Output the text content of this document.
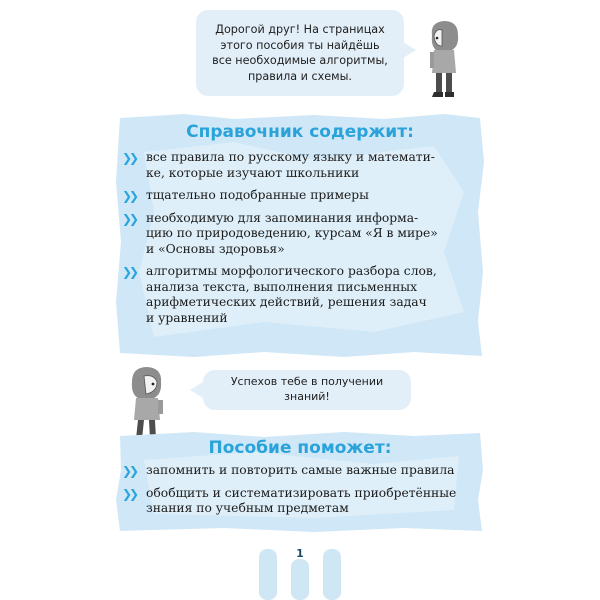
Дорогой друг! На страницах
этого пособия ты найдёшь
все необходимые алгоритмы,
правила и схемы.
Справочник содержит:
❯❯ все правила по русскому языку и математи-
ке, которые изучают школьники
❯❯ тщательно подобранные примеры
❯❯ необходимую для запоминания информа-
цию по природоведению, курсам «Я в мире»
и «Основы здоровья»
❯❯ алгоритмы морфологического разбора слов,
анализа текста, выполнения письменных
арифметических действий, решения задач
и уравнений
Успехов тебе в получении
знаний!
Пособие поможет:
❯❯ запомнить и повторить самые важные правила
❯❯ обобщить и систематизировать приобретённые
знания по учебным предметам
1
